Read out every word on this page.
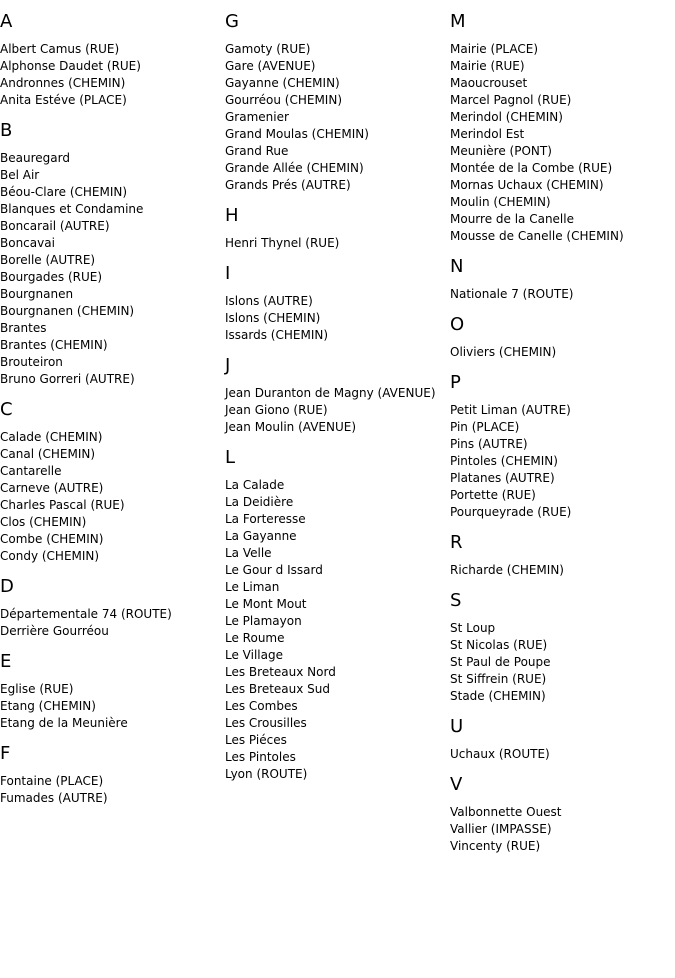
A
Albert Camus (RUE)
Alphonse Daudet (RUE)
Andronnes (CHEMIN)
Anita Estéve (PLACE)
B
Beauregard
Bel Air
Béou-Clare (CHEMIN)
Blanques et Condamine
Boncarail (AUTRE)
Boncavai
Borelle (AUTRE)
Bourgades (RUE)
Bourgnanen
Bourgnanen (CHEMIN)
Brantes
Brantes (CHEMIN)
Brouteiron
Bruno Gorreri (AUTRE)
C
Calade (CHEMIN)
Canal (CHEMIN)
Cantarelle
Carneve (AUTRE)
Charles Pascal (RUE)
Clos (CHEMIN)
Combe (CHEMIN)
Condy (CHEMIN)
D
Départementale 74 (ROUTE)
Derrière Gourréou
E
Eglise (RUE)
Etang (CHEMIN)
Etang de la Meunière
F
Fontaine (PLACE)
Fumades (AUTRE)
G
Gamoty (RUE)
Gare (AVENUE)
Gayanne (CHEMIN)
Gourréou (CHEMIN)
Gramenier
Grand Moulas (CHEMIN)
Grand Rue
Grande Allée (CHEMIN)
Grands Prés (AUTRE)
H
Henri Thynel (RUE)
I
Islons (AUTRE)
Islons (CHEMIN)
Issards (CHEMIN)
J
Jean Duranton de Magny (AVENUE)
Jean Giono (RUE)
Jean Moulin (AVENUE)
L
La Calade
La Deidière
La Forteresse
La Gayanne
La Velle
Le Gour d Issard
Le Liman
Le Mont Mout
Le Plamayon
Le Roume
Le Village
Les Breteaux Nord
Les Breteaux Sud
Les Combes
Les Crousilles
Les Piéces
Les Pintoles
Lyon (ROUTE)
M
Mairie (PLACE)
Mairie (RUE)
Maoucrouset
Marcel Pagnol (RUE)
Merindol (CHEMIN)
Merindol Est
Meunière (PONT)
Montée de la Combe (RUE)
Mornas Uchaux (CHEMIN)
Moulin (CHEMIN)
Mourre de la Canelle
Mousse de Canelle (CHEMIN)
N
Nationale 7 (ROUTE)
O
Oliviers (CHEMIN)
P
Petit Liman (AUTRE)
Pin (PLACE)
Pins (AUTRE)
Pintoles (CHEMIN)
Platanes (AUTRE)
Portette (RUE)
Pourqueyrade (RUE)
R
Richarde (CHEMIN)
S
St Loup
St Nicolas (RUE)
St Paul de Poupe
St Siffrein (RUE)
Stade (CHEMIN)
U
Uchaux (ROUTE)
V
Valbonnette Ouest
Vallier (IMPASSE)
Vincenty (RUE)
